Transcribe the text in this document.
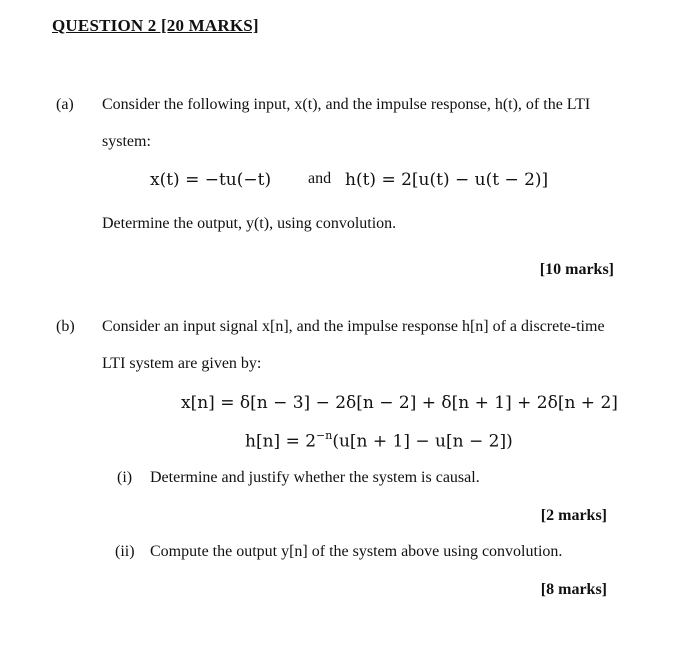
QUESTION 2 [20 MARKS]
(a) Consider the following input, x(t), and the impulse response, h(t), of the LTI
system:
x(t) = −tu(−t) and h(t) = 2[u(t) − u(t − 2)]
Determine the output, y(t), using convolution.
[10 marks]
(b) Consider an input signal x[n], and the impulse response h[n] of a discrete-time
LTI system are given by:
x[n] = δ[n − 3] − 2δ[n − 2] + δ[n + 1] + 2δ[n + 2]
$h[n] = 2^{-n}(u[n + 1] - u[n - 2])$
(i) Determine and justify whether the system is causal.
[2 marks]
(ii) Compute the output y[n] of the system above using convolution.
[8 marks]
